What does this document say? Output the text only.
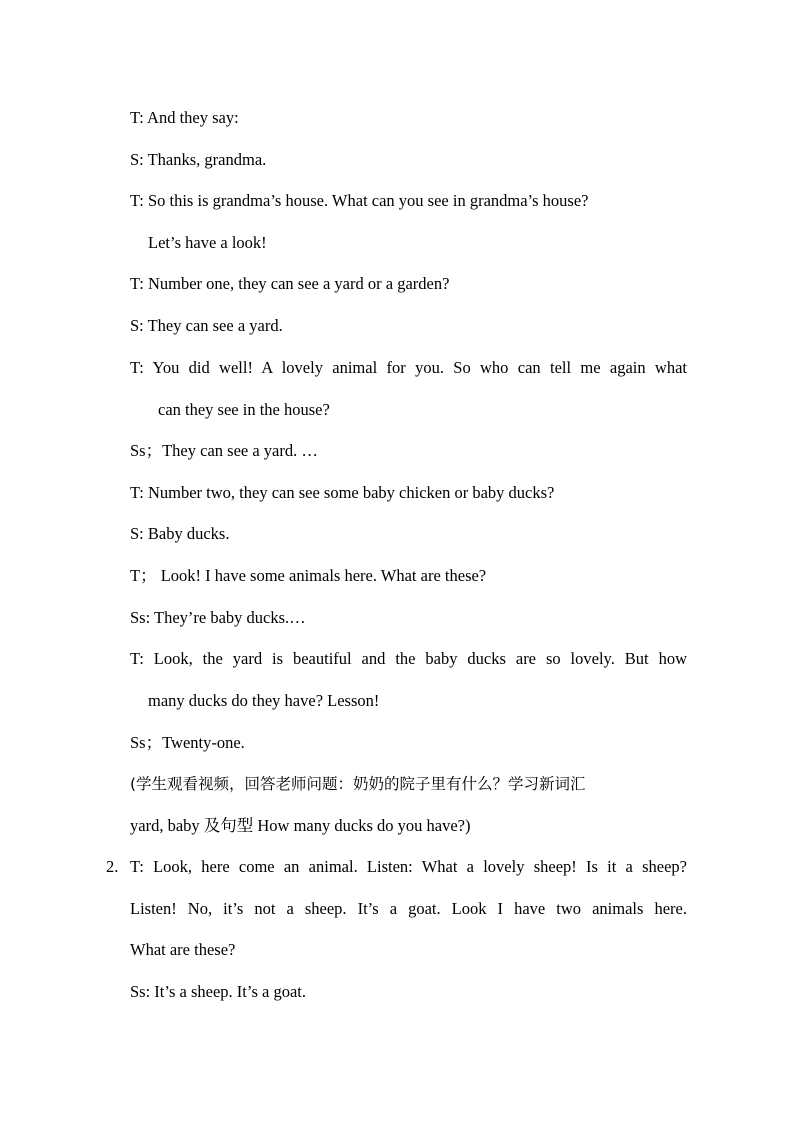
T: And they say:
S: Thanks, grandma.
T: So this is grandma’s house. What can you see in grandma’s house?
Let’s have a look!
T: Number one, they can see a yard or a garden?
S: They can see a yard.
T: You did well! A lovely animal for you. So who can tell me again what
can they see in the house?
Ss；They can see a yard. …
T: Number two, they can see some baby chicken or baby ducks?
S: Baby ducks.
T； Look! I have some animals here. What are these?
Ss: They’re baby ducks.…
T: Look, the yard is beautiful and the baby ducks are so lovely. But how
many ducks do they have? Lesson!
Ss；Twenty-one.
(学生观看视频，回答老师问题：奶奶的院子里有什么？学习新词汇
yard, baby 及句型 How many ducks do you have?)
2. T: Look, here come an animal. Listen: What a lovely sheep! Is it a sheep?
Listen! No, it’s not a sheep. It’s a goat. Look I have two animals here.
What are these?
Ss: It’s a sheep. It’s a goat.
